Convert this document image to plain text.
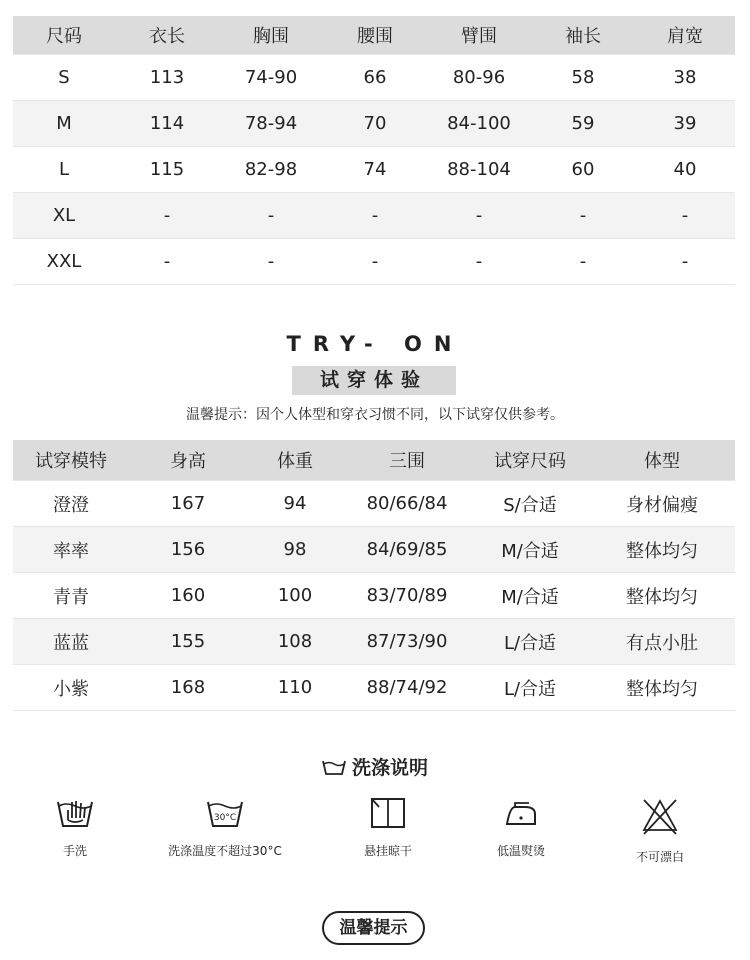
尺码	衣长	胸围	腰围	臂围	袖长	肩宽
S	113	74-90	66	80-96	58	38
M	114	78-94	70	84-100	59	39
L	115	82-98	74	88-104	60	40
XL	-	-	-	-	-	-
XXL	-	-	-	-	-	-
TRY- ON
试穿体验
温馨提示：因个人体型和穿衣习惯不同，以下试穿仅供参考。
试穿模特	身高	体重	三围	试穿尺码	体型
澄澄	167	94	80/66/84	S/合适	身材偏瘦
率率	156	98	84/69/85	M/合适	整体均匀
青青	160	100	83/70/89	M/合适	整体均匀
蓝蓝	155	108	87/73/90	L/合适	有点小肚
小紫	168	110	88/74/92	L/合适	整体均匀
洗涤说明
手洗
30°C
洗涤温度不超过30°C	悬挂晾干	低温熨烫	不可漂白
温馨提示
